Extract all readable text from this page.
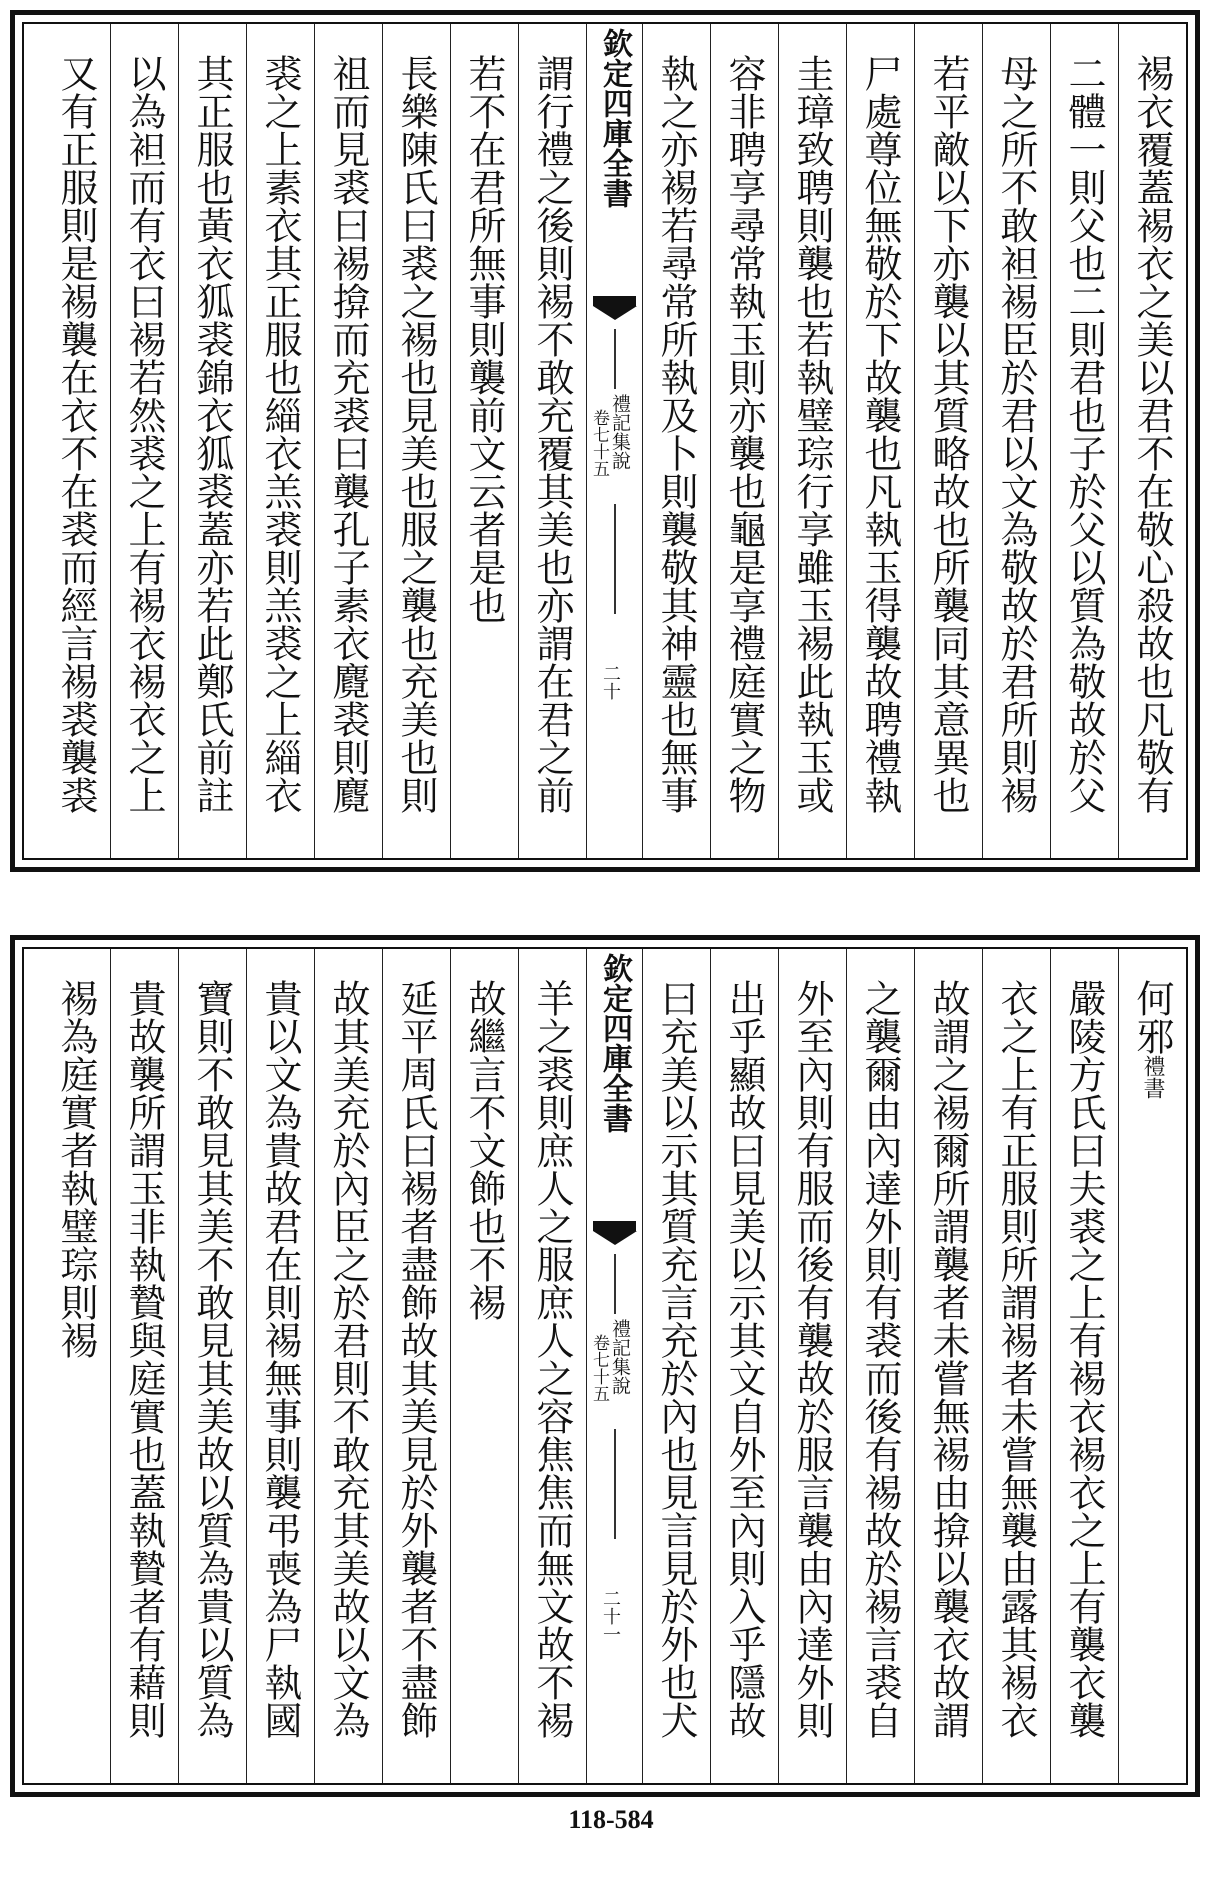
裼衣覆蓋裼衣之美以君不在敬心殺故也凡敬有
二體一則父也二則君也子於父以質為敬故於父
母之所不敢袒裼臣於君以文為敬故於君所則裼
若平敵以下亦襲以其質略故也所襲同其意異也
尸處尊位無敬於下故襲也凡執玉得襲故聘禮執
圭璋致聘則襲也若執璧琮行享雖玉裼此執玉或
容非聘享尋常執玉則亦襲也龜是享禮庭實之物
執之亦裼若尋常所執及卜則襲敬其神靈也無事
欽定四庫全書
禮記集說
卷七十五
二十
謂行禮之後則裼不敢充覆其美也亦謂在君之前
若不在君所無事則襲前文云者是也
長樂陳氏曰裘之裼也見美也服之襲也充美也則
祖而見裘曰裼揜而充裘曰襲孔子素衣麑裘則麑
裘之上素衣其正服也緇衣羔裘則羔裘之上緇衣
其正服也黃衣狐裘錦衣狐裘蓋亦若此鄭氏前註
以為袒而有衣曰裼若然裘之上有裼衣裼衣之上
又有正服則是裼襲在衣不在裘而經言裼裘襲裘
何邪$^{禮書}$
嚴陵方氏曰夫裘之上有裼衣裼衣之上有襲衣襲
衣之上有正服則所謂裼者未嘗無襲由露其裼衣
故謂之裼爾所謂襲者未嘗無裼由揜以襲衣故謂
之襲爾由內達外則有裘而後有裼故於裼言裘自
外至內則有服而後有襲故於服言襲由內達外則
出乎顯故曰見美以示其文自外至內則入乎隱故
曰充美以示其質充言充於內也見言見於外也犬
欽定四庫全書
禮記集說
卷七十五
二十一
羊之裘則庶人之服庶人之容焦焦而無文故不裼
故繼言不文飾也不裼
延平周氏曰裼者盡飾故其美見於外襲者不盡飾
故其美充於內臣之於君則不敢充其美故以文為
貴以文為貴故君在則裼無事則襲弔喪為尸執國
寶則不敢見其美不敢見其美故以質為貴以質為
貴故襲所謂玉非執贄與庭實也蓋執贄者有藉則
裼為庭實者執璧琮則裼
118-584
